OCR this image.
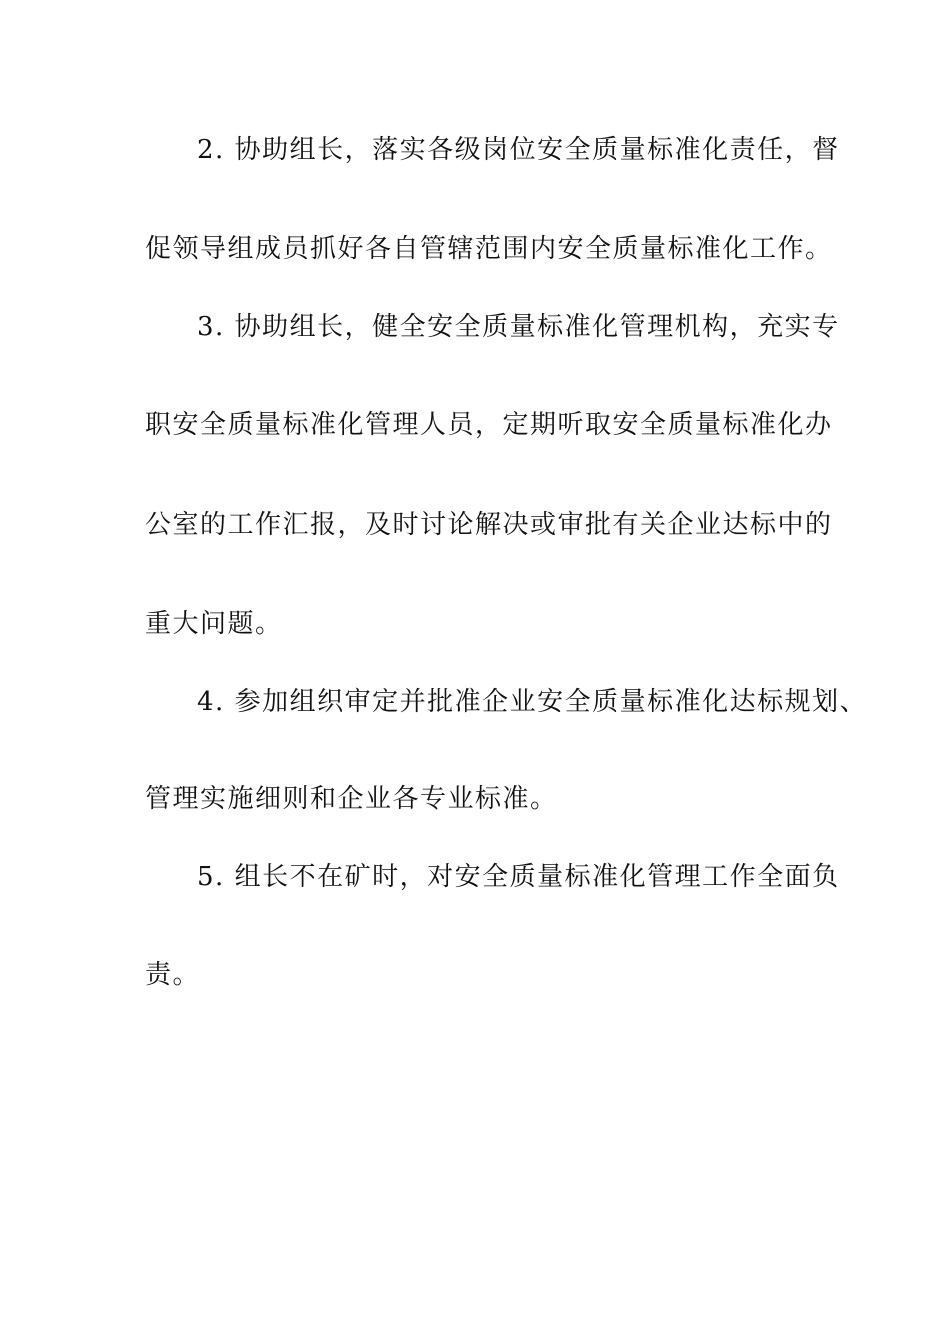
2. 协助组长，落实各级岗位安全质量标准化责任，督
促领导组成员抓好各自管辖范围内安全质量标准化工作。
3. 协助组长，健全安全质量标准化管理机构，充实专
职安全质量标准化管理人员，定期听取安全质量标准化办
公室的工作汇报，及时讨论解决或审批有关企业达标中的
重大问题。
4. 参加组织审定并批准企业安全质量标准化达标规划、
管理实施细则和企业各专业标准。
5. 组长不在矿时，对安全质量标准化管理工作全面负
责。
